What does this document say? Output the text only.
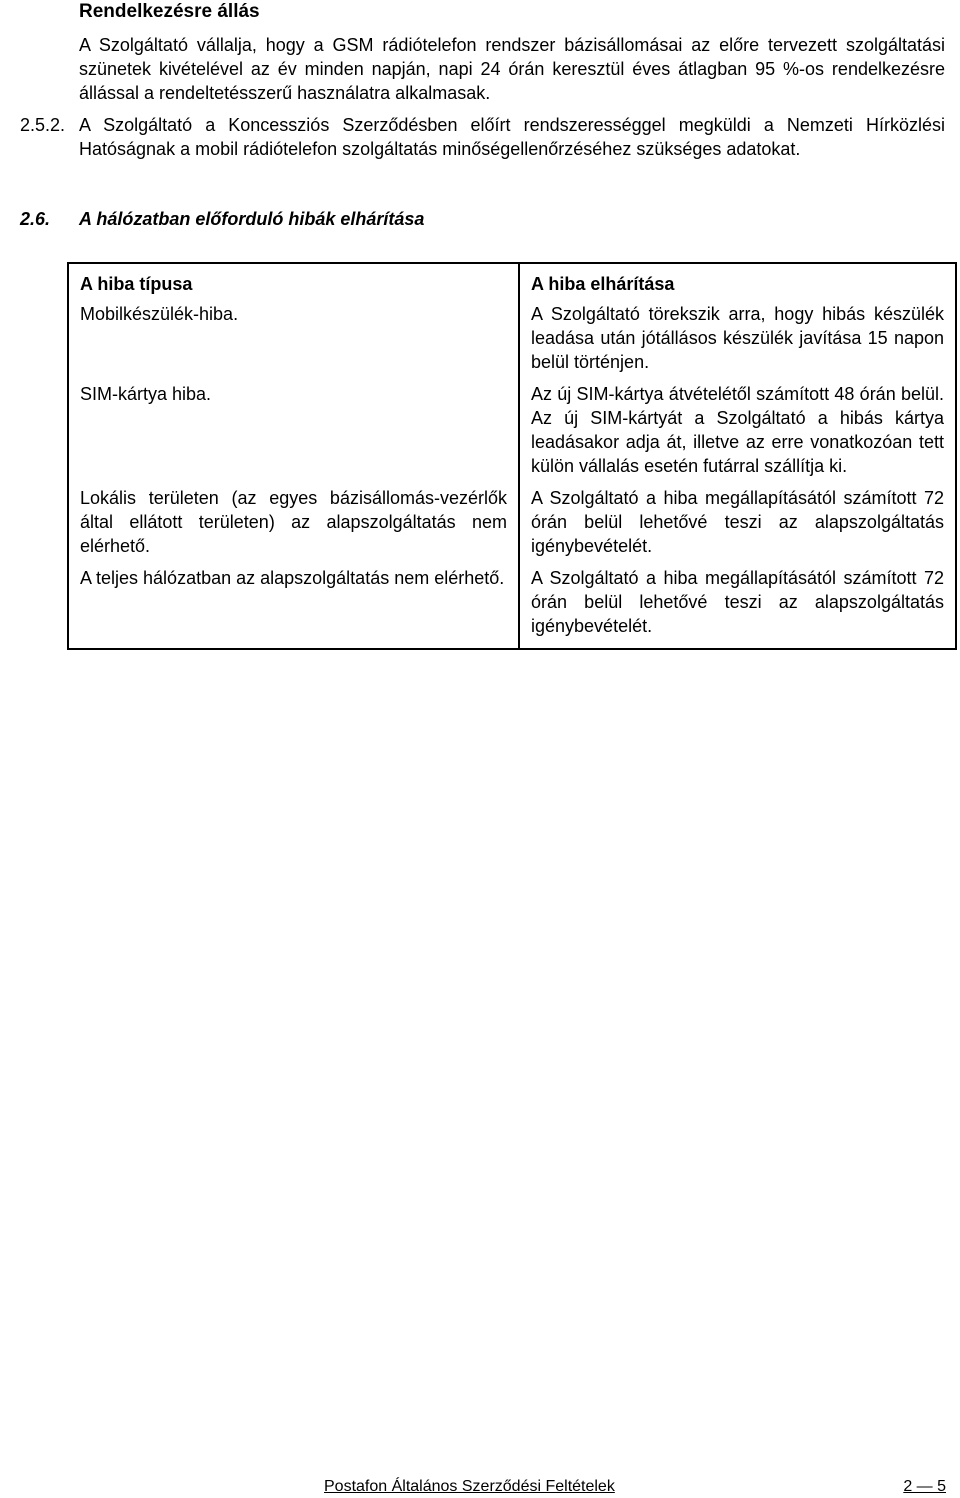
Rendelkezésre állás
A Szolgáltató vállalja, hogy a GSM rádiótelefon rendszer bázisállomásai az előre tervezett szolgáltatási szünetek kivételével az év minden napján, napi 24 órán keresztül éves átlagban 95 %-os rendelkezésre állással a rendeltetésszerű használatra alkalmasak.
2.5.2. A Szolgáltató a Koncessziós Szerződésben előírt rendszerességgel megküldi a Nemzeti Hírközlési Hatóságnak a mobil rádiótelefon szolgáltatás minőségellenőrzéséhez szükséges adatokat.
2.6. A hálózatban előforduló hibák elhárítása
A hiba típusa	A hiba elhárítása
Mobilkészülék-hiba.	A Szolgáltató törekszik arra, hogy hibás készülék leadása után jótállásos készülék javítása 15 napon belül történjen.
SIM-kártya hiba.	Az új SIM-kártya átvételétől számított 48 órán belül. Az új SIM-kártyát a Szolgáltató a hibás kártya leadásakor adja át, illetve az erre vonatkozóan tett külön vállalás esetén futárral szállítja ki.
Lokális területen (az egyes bázisállomás-vezérlők által ellátott területen) az alapszolgáltatás nem elérhető.	A Szolgáltató a hiba megállapításától számított 72 órán belül lehetővé teszi az alapszolgáltatás igénybevételét.
A teljes hálózatban az alapszolgáltatás nem elérhető.	A Szolgáltató a hiba megállapításától számított 72 órán belül lehetővé teszi az alapszolgáltatás igénybevételét.
Postafon Általános Szerződési Feltételek	2 — 5
